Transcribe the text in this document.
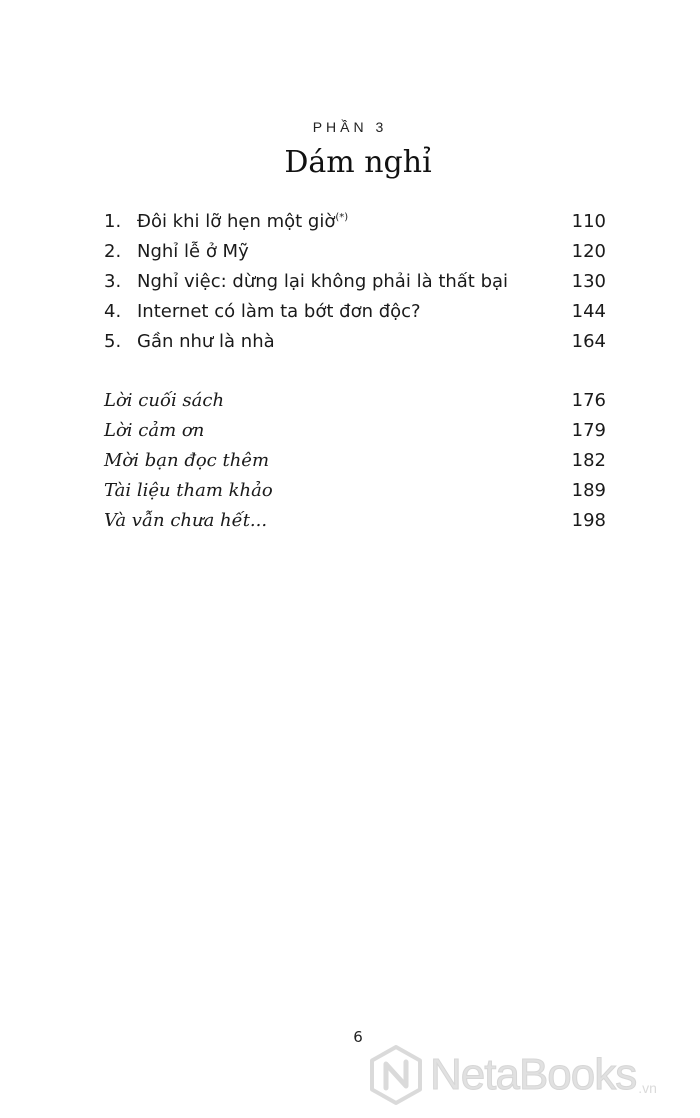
PHẦN 3
Dám nghỉ
1. Đôi khi lỡ hẹn một giờ(*)	110
2. Nghỉ lễ ở Mỹ	120
3. Nghỉ việc: dừng lại không phải là thất bại	130
4. Internet có làm ta bớt đơn độc?	144
5. Gần như là nhà	164
Lời cuối sách	176
Lời cảm ơn	179
Mời bạn đọc thêm	182
Tài liệu tham khảo	189
Và vẫn chưa hết...	198
6
NetaBooks .vn
